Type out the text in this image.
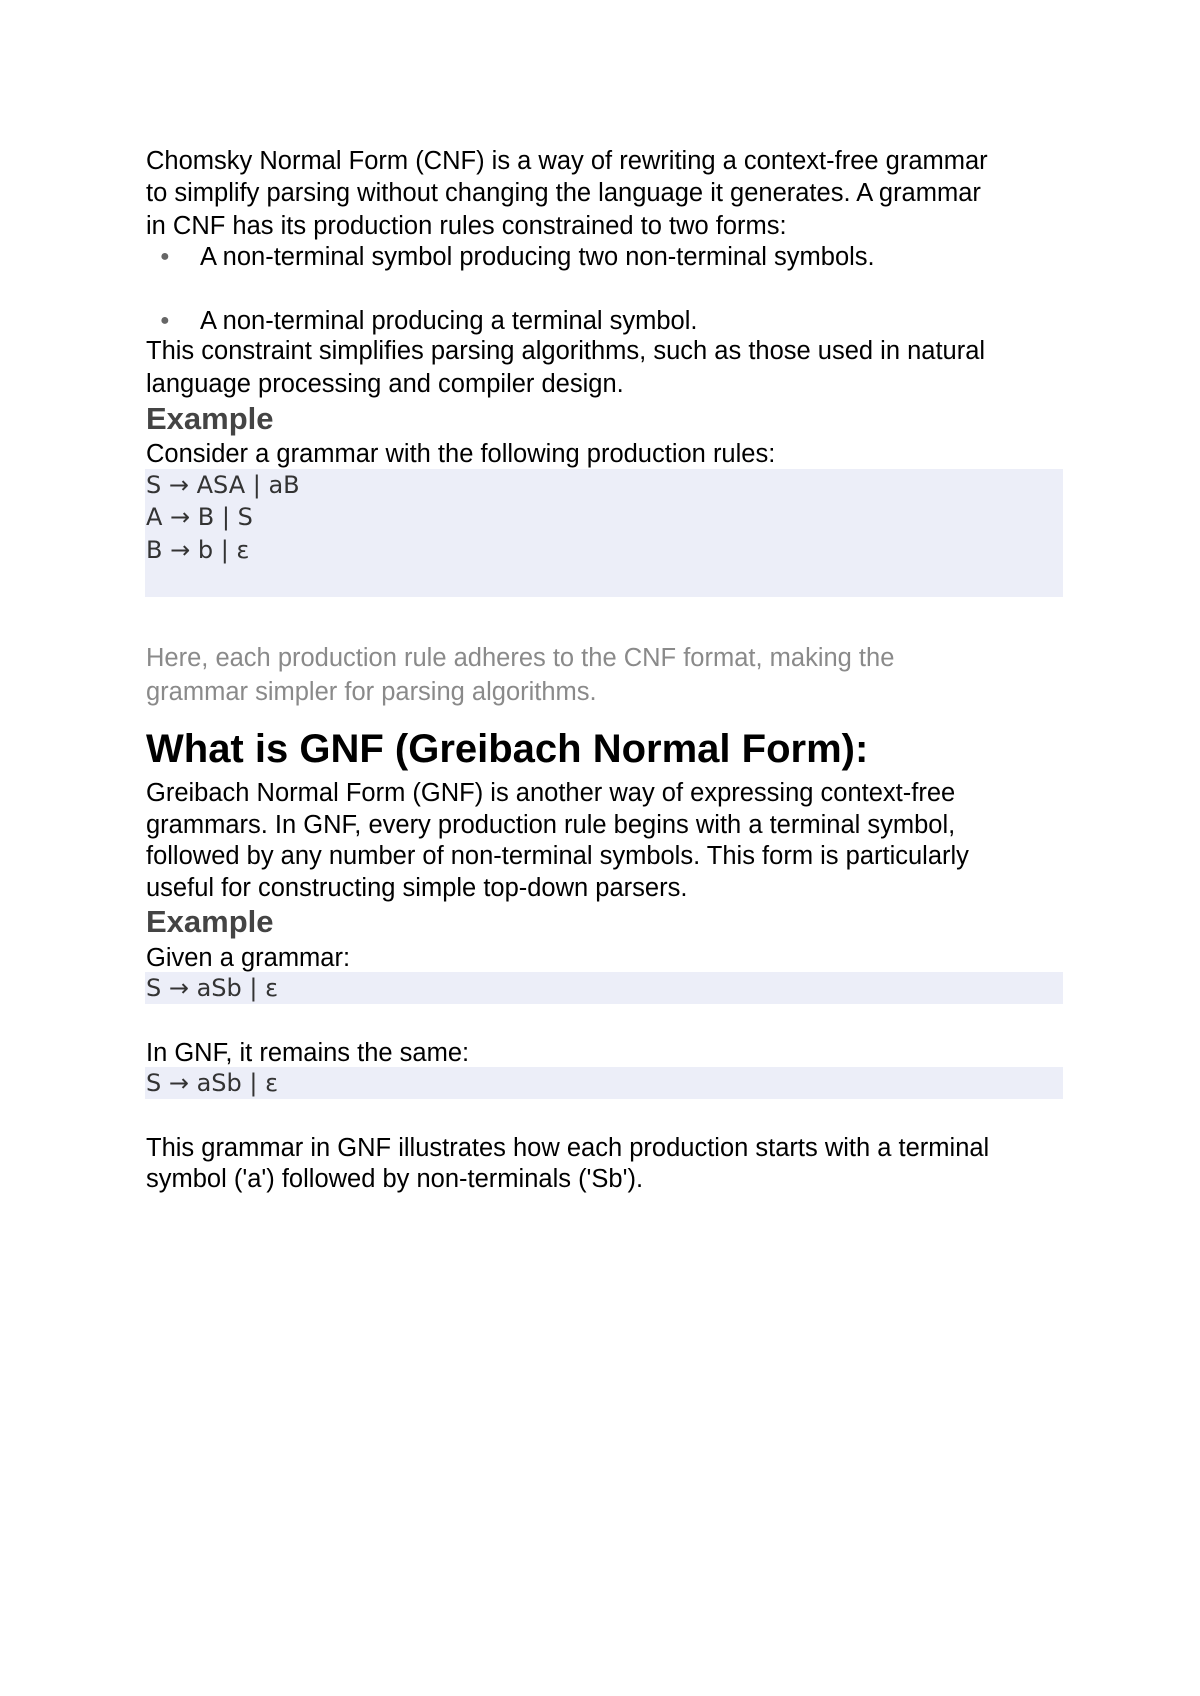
Chomsky Normal Form (CNF) is a way of rewriting a context-free grammar
to simplify parsing without changing the language it generates. A grammar
in CNF has its production rules constrained to two forms:
● A non-terminal symbol producing two non-terminal symbols.
● A non-terminal producing a terminal symbol.
This constraint simplifies parsing algorithms, such as those used in natural
language processing and compiler design.
Example
Consider a grammar with the following production rules:
S → ASA | aB
A → B | S
B → b | ε
Here, each production rule adheres to the CNF format, making the
grammar simpler for parsing algorithms.
What is GNF (Greibach Normal Form):
Greibach Normal Form (GNF) is another way of expressing context-free
grammars. In GNF, every production rule begins with a terminal symbol,
followed by any number of non-terminal symbols. This form is particularly
useful for constructing simple top-down parsers.
Example
Given a grammar:
S → aSb | ε
In GNF, it remains the same:
S → aSb | ε
This grammar in GNF illustrates how each production starts with a terminal
symbol ('a') followed by non-terminals ('Sb').
